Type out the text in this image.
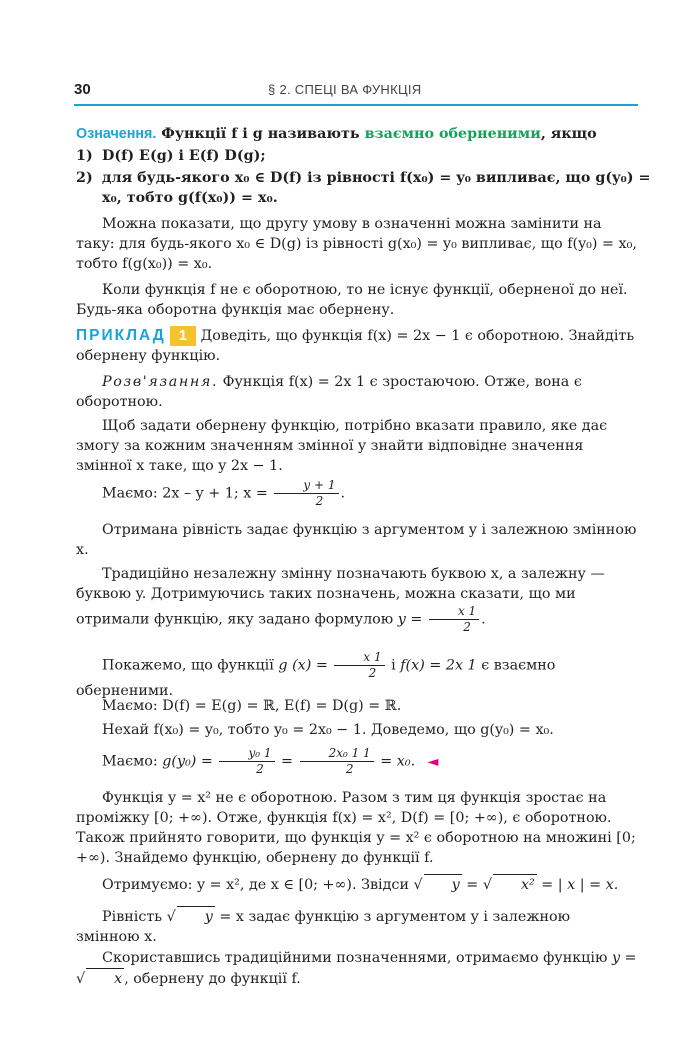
30	§ 2. СПЕЦІ ВА ФУНКЦІЯ

Означення. Функції f і g називають взаємно оберненими, якщо

1) D(f) E(g) і E(f) D(g);

2) для будь-якого x₀ ∈ D(f) із рівності f(x₀) = y₀ випливає, що g(y₀) = x₀, тобто g(f(x₀)) = x₀.

Можна показати, що другу умову в означенні можна замінити на таку: для будь-якого x₀ ∈ D(g) із рівності g(x₀) = y₀ випливає, що f(y₀) = x₀, тобто f(g(x₀)) = x₀.

Коли функція f не є оборотною, то не існує функції, оберненої до неї. Будь-яка оборотна функція має обернену.

ПРИКЛАД 1 Доведіть, що функція f(x) = 2x − 1 є оборотною. Знайдіть обернену функцію.

Розв'язання. Функція f(x) = 2x 1 є зростаючою. Отже, вона є оборотною.

Щоб задати обернену функцію, потрібно вказати правило, яке дає змогу за кожним значенням змінної y знайти відповідне значення змінної x таке, що y 2x − 1.

Маємо: 2x – y + 1; $x = \frac{y + 1}{2}$ .

Отримана рівність задає функцію з аргументом y і залежною змінною x.

Традиційно незалежну змінну позначають буквою x, а залежну — буквою y. Дотримуючись таких позначень, можна сказати, що ми отримали функцію, яку задано формулою $y = \frac{x 1}{2}$ .

Покажемо, що функції g $(x) = \frac{x 1}{2}$ і f(x) = 2x 1 є взаємно оберненими.

Маємо: D(f) = E(g) = ℝ, E(f) = D(g) = ℝ.

Нехай f(x₀) = y₀, тобто y₀ = 2x₀ − 1. Доведемо, що g(y₀) = x₀.

Маємо: $g(y_0) = \frac{\text{y₀ 1}}{2} = \frac{\text{2x₀ 1 1}}{2} = x_0$. ◄

Функція y = x² не є оборотною. Разом з тим ця функція зростає на проміжку [0; +∞). Отже, функція f(x) = x², D(f) = [0; +∞), є оборотною. Також прийнято говорити, що функція y = x² є оборотною на множині [0; +∞). Знайдемо функцію, обернену до функції f.

Отримуємо: y = x², де x ∈ [0; +∞). Звідси √ y = √ x² = | x | = x.

Рівність √ y = x задає функцію з аргументом y і залежною змінною x.

Скориставшись традиційними позначеннями, отримаємо функцію y = √ x , обернену до функції f.
